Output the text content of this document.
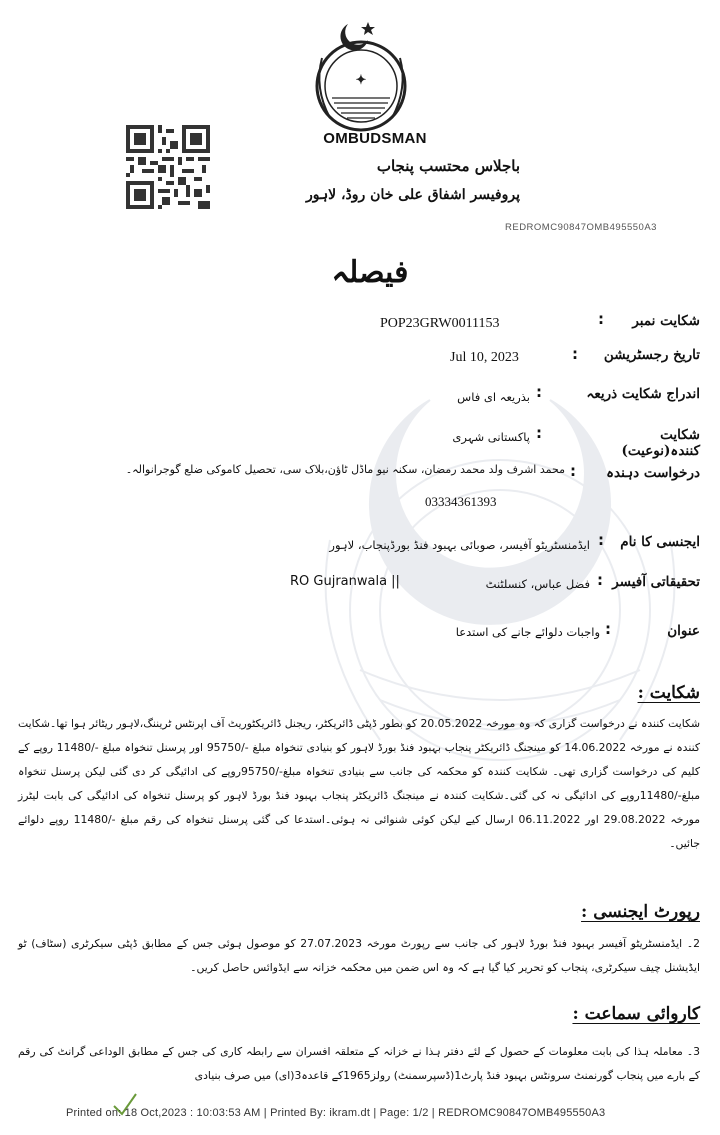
✦
OMBUDSMAN
باجلاس محتسب پنجاب
پروفیسر اشفاق علی خان روڈ، لاہور
REDROMC90847OMB495550A3
فیصلہ
شکایت نمبر
:
POP23GRW0011153
تاریخ رجسٹریشن
:
Jul 10, 2023
اندراج شکایت ذریعہ
:
بذریعہ ای فاس
شکایت کنندہ(نوعیت)
:
پاکستانی شہری
درخواست دہندہ
:
محمد اشرف ولد محمد رمضان، سکنہ نیو ماڈل ٹاؤن،بلاک سی، تحصیل کاموکی ضلع گوجرانوالہ۔
03334361393
ایجنسی کا نام
:
ایڈمنسٹریٹو آفیسر، صوبائی بہبود فنڈ بورڈپنجاب، لاہور
تحقیقاتی آفیسر
:
فضل عباس، کنسلٹنٹ
RO Gujranwala ||
عنوان
:
واجبات دلوائے جانے کی استدعا
شکایت :
شکایت کنندہ نے درخواست گزاری کہ وہ مورخہ 20.05.2022 کو بطور ڈپٹی ڈائریکٹر، ریجنل ڈائریکٹوریٹ آف اپرنٹس ٹریننگ،لاہور ریٹائر ہوا تھا۔شکایت کنندہ نے مورخہ 14.06.2022 کو مینجنگ ڈائریکٹر پنجاب بہبود فنڈ بورڈ لاہور کو بنیادی تنخواہ مبلغ -/95750 اور پرسنل تنخواہ مبلغ -/11480 روپے کے کلیم کی درخواست گزاری تھی۔ شکایت کنندہ کو محکمہ کی جانب سے بنیادی تنخواہ مبلغ-/95750روپے کی ادائیگی کر دی گئی لیکن پرسنل تنخواہ مبلغ-/11480روپے کی ادائیگی نہ کی گئی۔شکایت کنندہ نے مینجنگ ڈائریکٹر پنجاب بہبود فنڈ بورڈ لاہور کو پرسنل تنخواہ کی ادائیگی کی بابت لیٹرز مورخہ 29.08.2022 اور 06.11.2022 ارسال کیے لیکن کوئی شنوائی نہ ہوئی۔استدعا کی گئی پرسنل تنخواہ کی رقم مبلغ -/11480 روپے دلوائے جائیں۔
رپورٹ ایجنسی :
2۔ ایڈمنسٹریٹو آفیسر بہبود فنڈ بورڈ لاہور کی جانب سے رپورٹ مورخہ 27.07.2023 کو موصول ہوئی جس کے مطابق ڈپٹی سیکرٹری (سٹاف) ٹو ایڈیشنل چیف سیکرٹری، پنجاب کو تحریر کیا گیا ہے کہ وہ اس ضمن میں محکمہ خزانہ سے ایڈوائس حاصل کریں۔
کاروائی سماعت :
3۔ معاملہ ہذا کی بابت معلومات کے حصول کے لئے دفتر ہذا نے خزانہ کے متعلقہ افسران سے رابطہ کاری کی جس کے مطابق الوداعی گرانٹ کی رقم کے بارے میں پنجاب گورنمنٹ سرونٹس بہبود فنڈ پارٹ1(ڈسپرسمنٹ) رولز1965کے قاعدہ3(ای) میں صرف بنیادی
Printed on: 18 Oct,2023 : 10:03:53 AM | Printed By: ikram.dt | Page: 1/2 | REDROMC90847OMB495550A3
